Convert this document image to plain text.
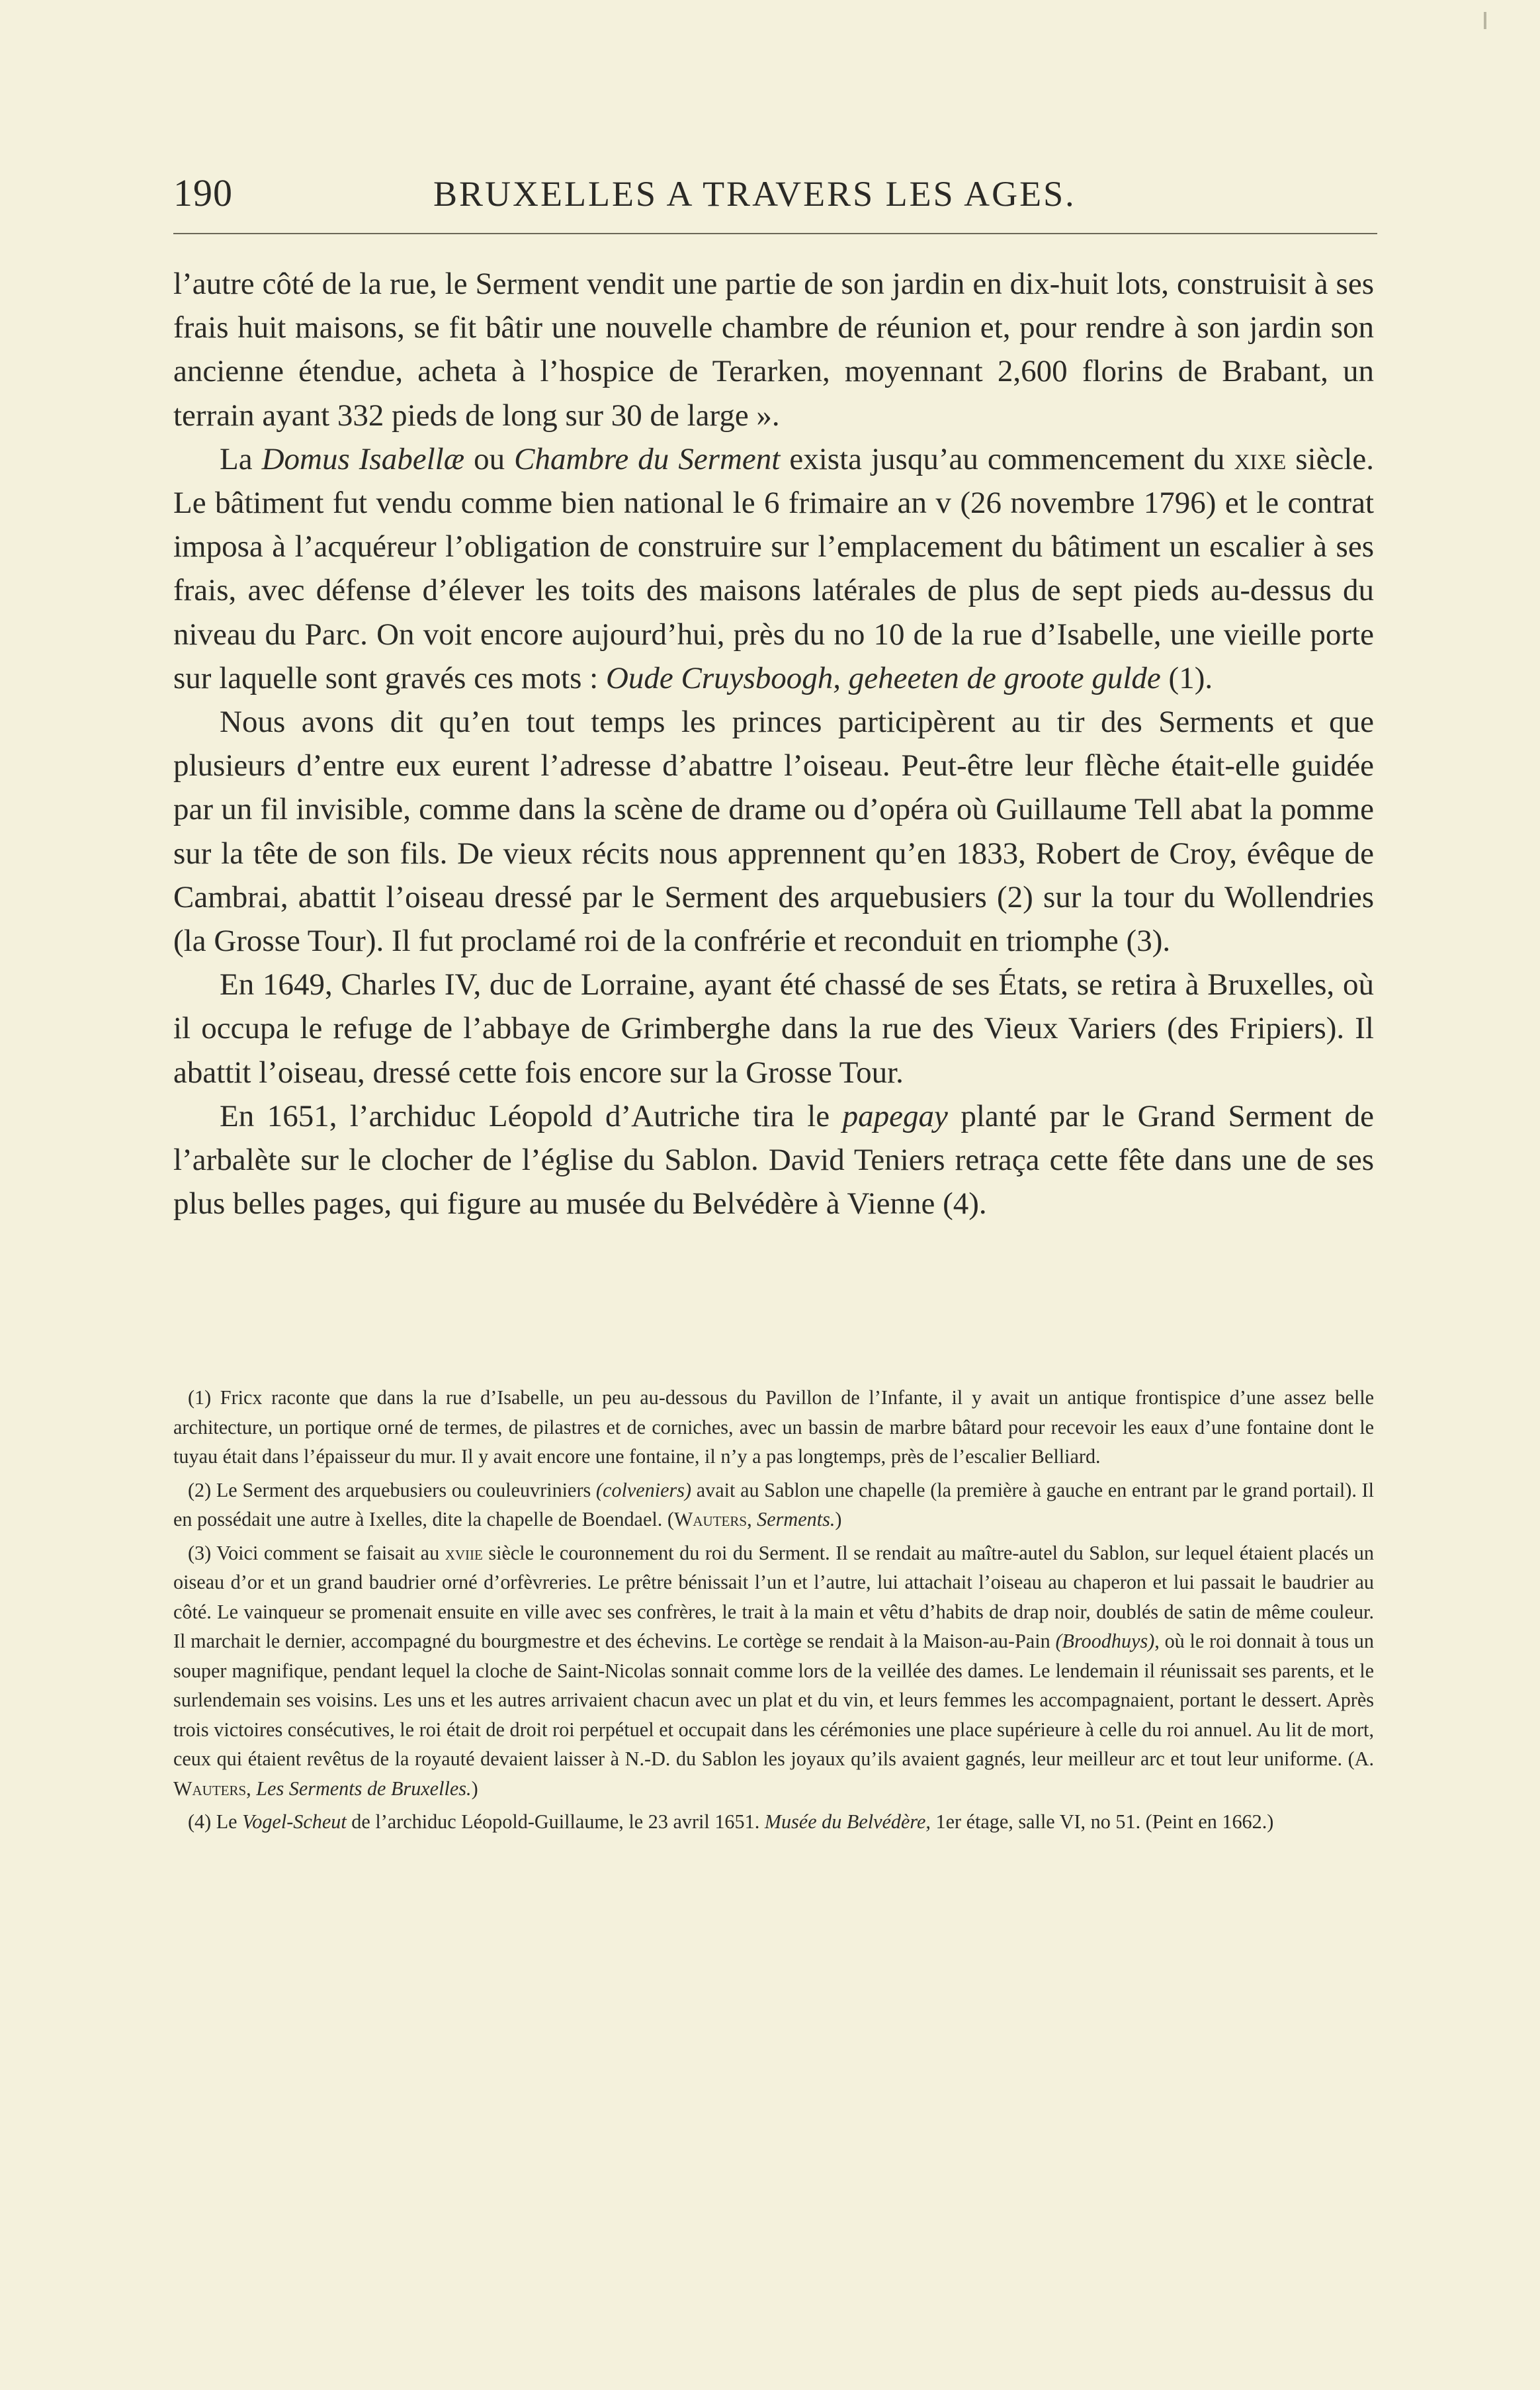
190	BRUXELLES A TRAVERS LES AGES.

l’autre côté de la rue, le Serment vendit une partie de son jardin en dix-huit lots, construisit à ses frais huit maisons, se fit bâtir une nouvelle chambre de réunion et, pour rendre à son jardin son ancienne étendue, acheta à l’hospice de Terarken, moyennant 2,600 florins de Brabant, un terrain ayant 332 pieds de long sur 30 de large ».

La Domus Isabellæ ou Chambre du Serment exista jusqu’au commencement du xixe siècle. Le bâtiment fut vendu comme bien national le 6 frimaire an v (26 novembre 1796) et le contrat imposa à l’acquéreur l’obligation de construire sur l’emplacement du bâtiment un escalier à ses frais, avec défense d’élever les toits des maisons latérales de plus de sept pieds au-dessus du niveau du Parc. On voit encore aujourd’hui, près du no 10 de la rue d’Isabelle, une vieille porte sur laquelle sont gravés ces mots : Oude Cruysboogh, geheeten de groote gulde (1).

Nous avons dit qu’en tout temps les princes participèrent au tir des Serments et que plusieurs d’entre eux eurent l’adresse d’abattre l’oiseau. Peut-être leur flèche était-elle guidée par un fil invisible, comme dans la scène de drame ou d’opéra où Guillaume Tell abat la pomme sur la tête de son fils. De vieux récits nous apprennent qu’en 1833, Robert de Croy, évêque de Cambrai, abattit l’oiseau dressé par le Serment des arquebusiers (2) sur la tour du Wollendries (la Grosse Tour). Il fut proclamé roi de la confrérie et reconduit en triomphe (3).

En 1649, Charles IV, duc de Lorraine, ayant été chassé de ses États, se retira à Bruxelles, où il occupa le refuge de l’abbaye de Grimberghe dans la rue des Vieux Variers (des Fripiers). Il abattit l’oiseau, dressé cette fois encore sur la Grosse Tour.

En 1651, l’archiduc Léopold d’Autriche tira le papegay planté par le Grand Serment de l’arbalète sur le clocher de l’église du Sablon. David Teniers retraça cette fête dans une de ses plus belles pages, qui figure au musée du Belvédère à Vienne (4).

(1) Fricx raconte que dans la rue d’Isabelle, un peu au-dessous du Pavillon de l’Infante, il y avait un antique frontispice d’une assez belle architecture, un portique orné de termes, de pilastres et de corniches, avec un bassin de marbre bâtard pour recevoir les eaux d’une fontaine dont le tuyau était dans l’épaisseur du mur. Il y avait encore une fontaine, il n’y a pas longtemps, près de l’escalier Belliard.

(2) Le Serment des arquebusiers ou couleuvriniers (colveniers) avait au Sablon une chapelle (la première à gauche en entrant par le grand portail). Il en possédait une autre à Ixelles, dite la chapelle de Boendael. (Wauters, Serments.)

(3) Voici comment se faisait au xviie siècle le couronnement du roi du Serment. Il se rendait au maître-autel du Sablon, sur lequel étaient placés un oiseau d’or et un grand baudrier orné d’orfèvreries. Le prêtre bénissait l’un et l’autre, lui attachait l’oiseau au chaperon et lui passait le baudrier au côté. Le vainqueur se promenait ensuite en ville avec ses confrères, le trait à la main et vêtu d’habits de drap noir, doublés de satin de même couleur. Il marchait le dernier, accompagné du bourgmestre et des échevins. Le cortège se rendait à la Maison-au-Pain (Broodhuys), où le roi donnait à tous un souper magnifique, pendant lequel la cloche de Saint-Nicolas sonnait comme lors de la veillée des dames. Le lendemain il réunissait ses parents, et le surlendemain ses voisins. Les uns et les autres arrivaient chacun avec un plat et du vin, et leurs femmes les accompagnaient, portant le dessert. Après trois victoires consécutives, le roi était de droit roi perpétuel et occupait dans les cérémonies une place supérieure à celle du roi annuel. Au lit de mort, ceux qui étaient revêtus de la royauté devaient laisser à N.-D. du Sablon les joyaux qu’ils avaient gagnés, leur meilleur arc et tout leur uniforme. (A. Wauters, Les Serments de Bruxelles.)

(4) Le Vogel-Scheut de l’archiduc Léopold-Guillaume, le 23 avril 1651. Musée du Belvédère, 1er étage, salle VI, no 51. (Peint en 1662.)
